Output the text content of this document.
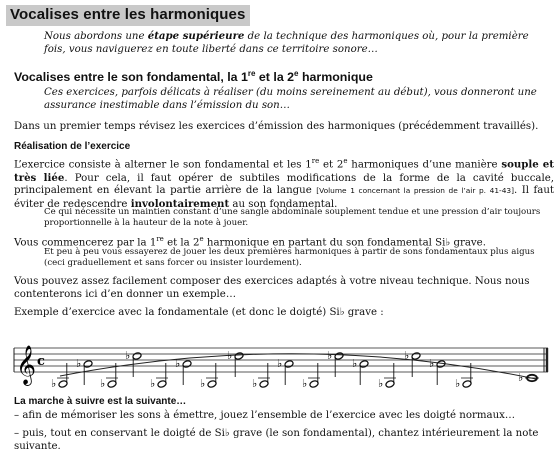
Vocalises entre les harmoniques
Nous abordons une étape supérieure de la technique des harmoniques où, pour la première fois, vous naviguerez en toute liberté dans ce territoire sonore…
Vocalises entre le son fondamental, la 1re et la 2e harmonique
Ces exercices, parfois délicats à réaliser (du moins sereinement au début), vous donneront une assurance inestimable dans l’émission du son…
Dans un premier temps révisez les exercices d’émission des harmoniques (précédemment travaillés).
Réalisation de l’exercice
L’exercice consiste à alterner le son fondamental et les 1re et 2e harmoniques d’une manière souple et très liée. Pour cela, il faut opérer de subtiles modifications de la forme de la cavité buccale, principalement en élevant la partie arrière de la langue [Volume 1 concernant la pression de l’air p. 41-43]. Il faut éviter de redescendre involontairement au son fondamental.
Ce qui nécessite un maintien constant d’une sangle abdominale souplement tendue et une pression d’air toujours proportionnelle à la hauteur de la note à jouer.
Vous commencerez par la 1re et la 2e harmonique en partant du son fondamental Si♭ grave.
Et peu à peu vous essayerez de jouer les deux premières harmoniques à partir de sons fondamentaux plus aigus (ceci graduellement et sans forcer ou insister lourdement).
Vous pouvez assez facilement composer des exercices adaptés à votre niveau technique. Nous nous contenterons ici d’en donner un exemple…
Exemple d’exercice avec la fondamentale (et donc le doigté) Si♭ grave :
𝄞 c
♭
♭
♭
♭
♭
♭
♭
♭
♭
♭
♭
♭
♭
♭
♭
♭
♭	♭
La marche à suivre est la suivante…
– afin de mémoriser les sons à émettre, jouez l’ensemble de l’exercice avec les doigté normaux…
– puis, tout en conservant le doigté de Si♭ grave (le son fondamental), chantez intérieurement la note suivante.
